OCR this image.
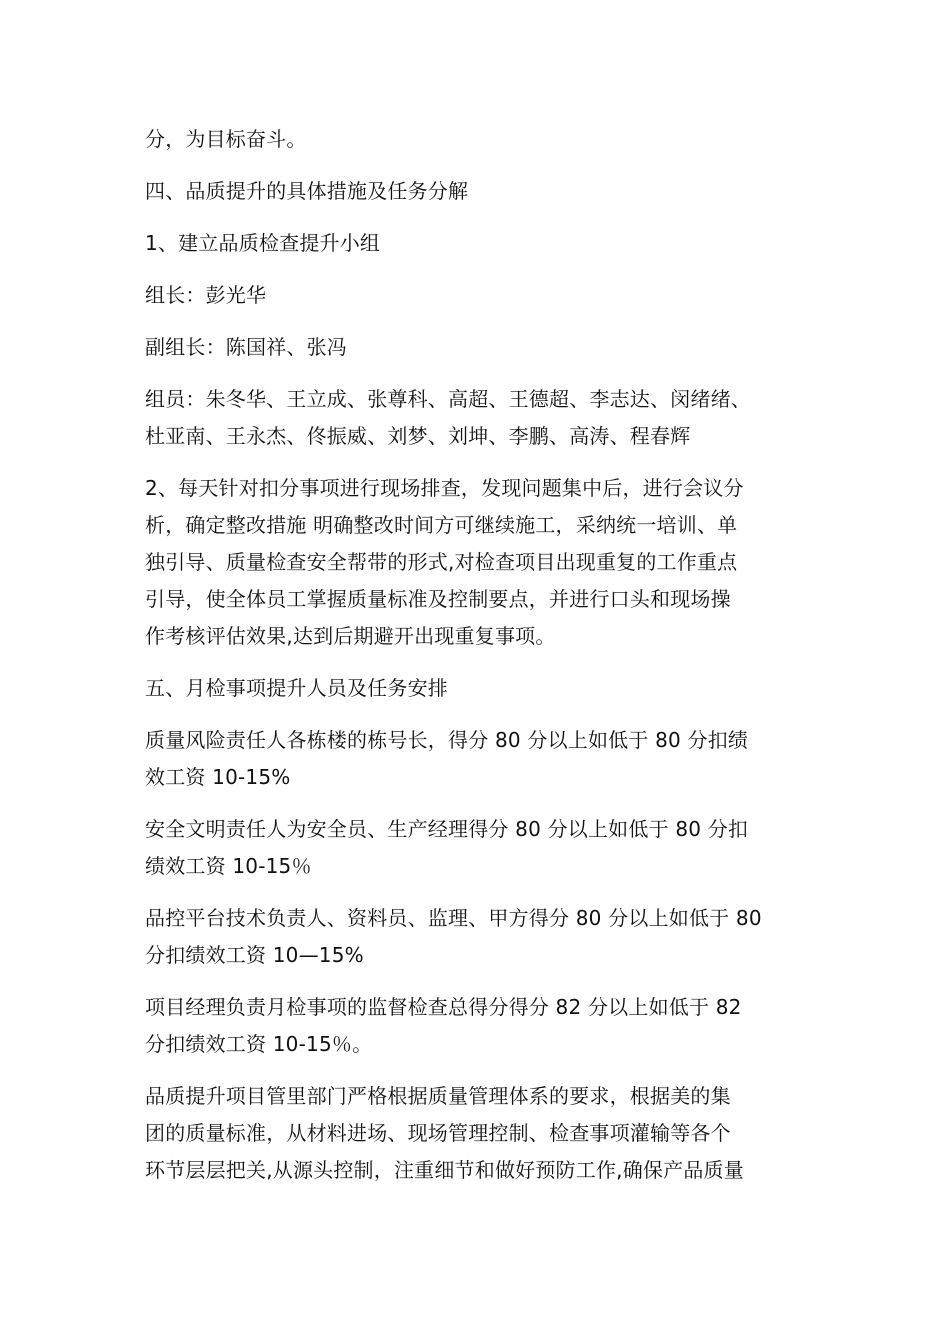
分，为目标奋斗。

四、品质提升的具体措施及任务分解

1、建立品质检查提升小组

组长：彭光华

副组长：陈国祥、张冯

组员：朱冬华、王立成、张尊科、高超、王德超、李志达、闵绪绪、
杜亚南、王永杰、佟振威、刘梦、刘坤、李鹏、高涛、程春辉

2、每天针对扣分事项进行现场排查，发现问题集中后，进行会议分
析，确定整改措施 明确整改时间方可继续施工，采纳统一培训、单
独引导、质量检查安全帮带的形式,对检查项目出现重复的工作重点
引导，使全体员工掌握质量标准及控制要点，并进行口头和现场操
作考核评估效果,达到后期避开出现重复事项。

五、月检事项提升人员及任务安排

质量风险责任人各栋楼的栋号长，得分 80 分以上如低于 80 分扣绩
效工资 10-15%

安全文明责任人为安全员、生产经理得分 80 分以上如低于 80 分扣
绩效工资 10-15％

品控平台技术负责人、资料员、监理、甲方得分 80 分以上如低于 80
分扣绩效工资 10—15%

项目经理负责月检事项的监督检查总得分得分 82 分以上如低于 82
分扣绩效工资 10-15％。

品质提升项目管里部门严格根据质量管理体系的要求，根据美的集
团的质量标准，从材料进场、现场管理控制、检查事项灌输等各个
环节层层把关,从源头控制，注重细节和做好预防工作,确保产品质量
